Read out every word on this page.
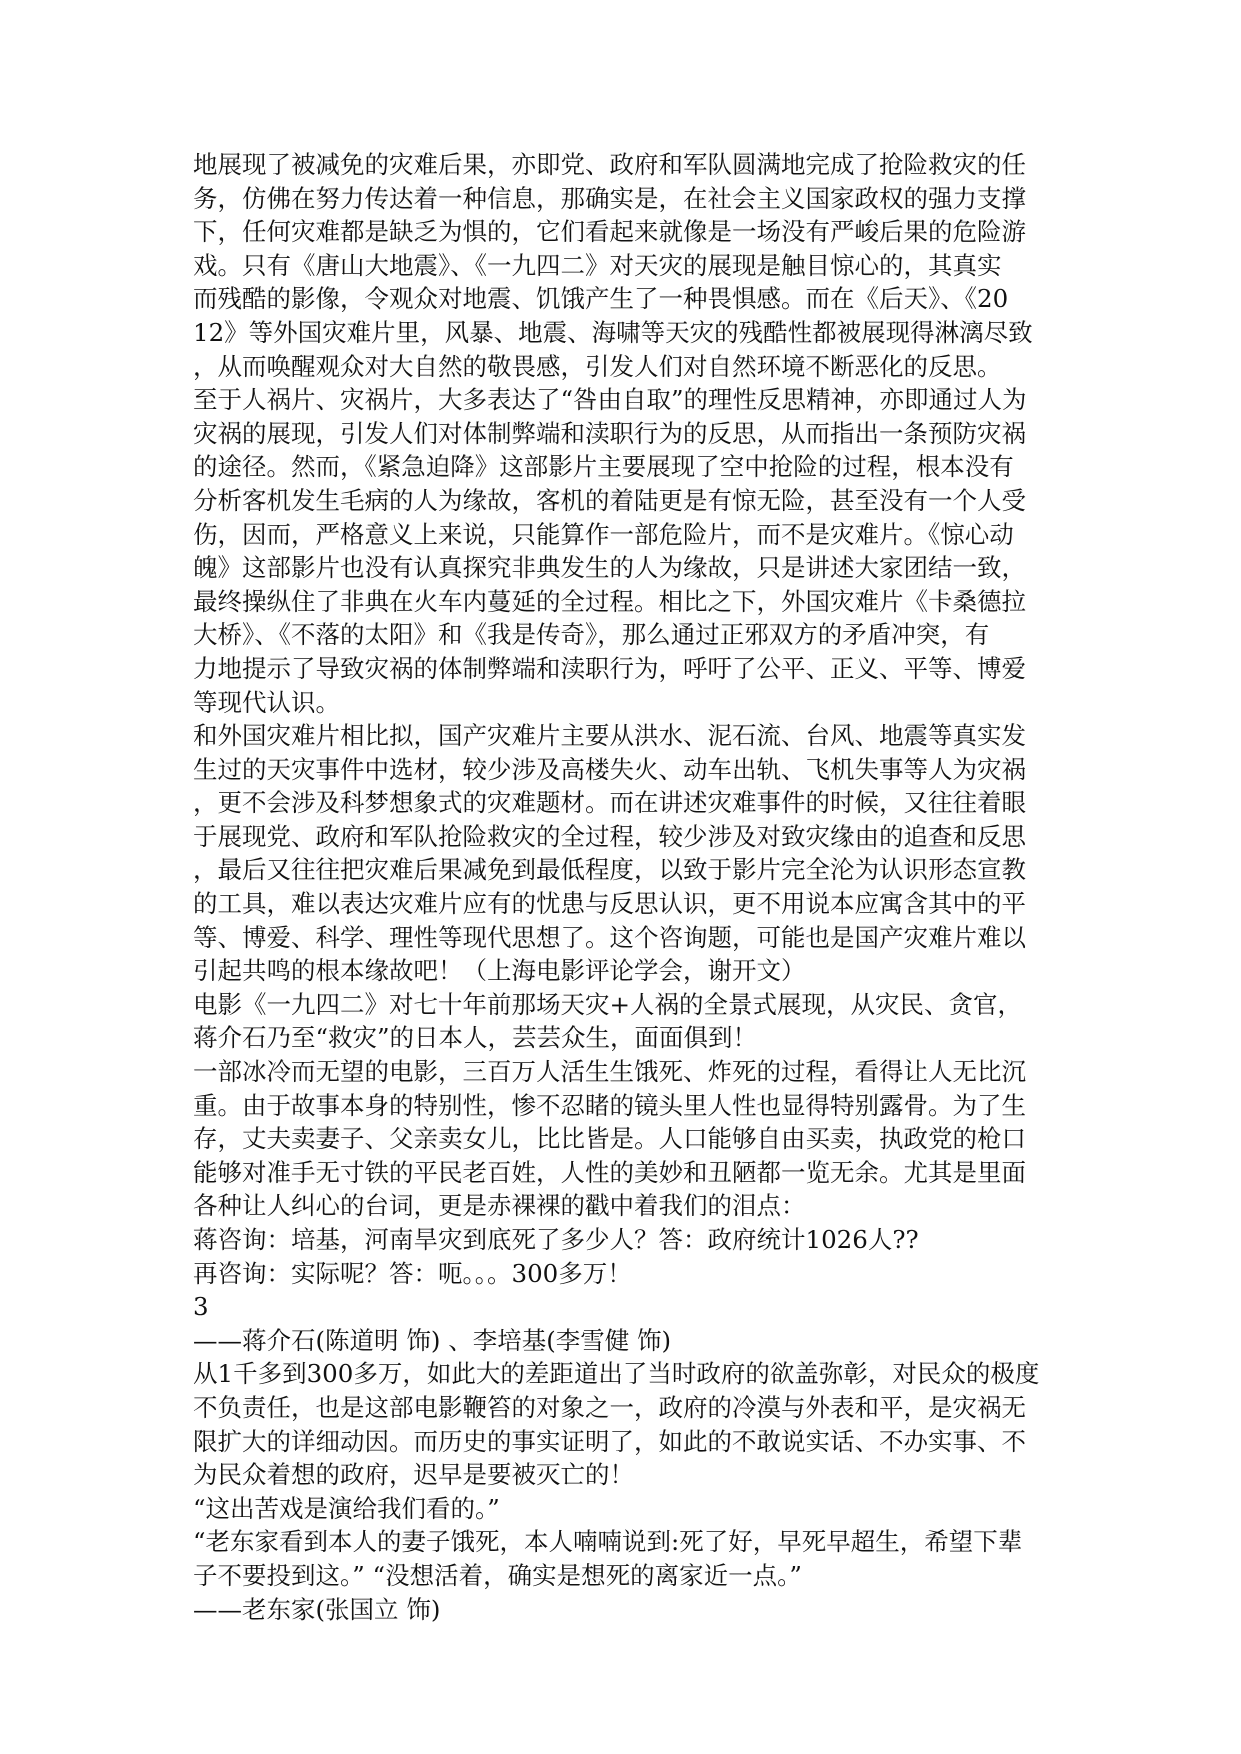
地展现了被减免的灾难后果，亦即党、政府和军队圆满地完成了抢险救灾的任
务，仿佛在努力传达着一种信息，那确实是，在社会主义国家政权的强力支撑
下，任何灾难都是缺乏为惧的，它们看起来就像是一场没有严峻后果的危险游
戏。只有《唐山大地震》、《一九四二》对天灾的展现是触目惊心的，其真实
而残酷的影像，令观众对地震、饥饿产生了一种畏惧感。而在《后天》、《20
12》等外国灾难片里，风暴、地震、海啸等天灾的残酷性都被展现得淋漓尽致
，从而唤醒观众对大自然的敬畏感，引发人们对自然环境不断恶化的反思。
至于人祸片、灾祸片，大多表达了“咎由自取”的理性反思精神，亦即通过人为
灾祸的展现，引发人们对体制弊端和渎职行为的反思，从而指出一条预防灾祸
的途径。然而，《紧急迫降》这部影片主要展现了空中抢险的过程，根本没有
分析客机发生毛病的人为缘故，客机的着陆更是有惊无险，甚至没有一个人受
伤，因而，严格意义上来说，只能算作一部危险片，而不是灾难片。《惊心动
魄》这部影片也没有认真探究非典发生的人为缘故，只是讲述大家团结一致，
最终操纵住了非典在火车内蔓延的全过程。相比之下，外国灾难片《卡桑德拉
大桥》、《不落的太阳》和《我是传奇》，那么通过正邪双方的矛盾冲突，有
力地提示了导致灾祸的体制弊端和渎职行为，呼吁了公平、正义、平等、博爱
等现代认识。
和外国灾难片相比拟，国产灾难片主要从洪水、泥石流、台风、地震等真实发
生过的天灾事件中选材，较少涉及高楼失火、动车出轨、飞机失事等人为灾祸
，更不会涉及科梦想象式的灾难题材。而在讲述灾难事件的时候，又往往着眼
于展现党、政府和军队抢险救灾的全过程，较少涉及对致灾缘由的追查和反思
，最后又往往把灾难后果减免到最低程度，以致于影片完全沦为认识形态宣教
的工具，难以表达灾难片应有的忧患与反思认识，更不用说本应寓含其中的平
等、博爱、科学、理性等现代思想了。这个咨询题，可能也是国产灾难片难以
引起共鸣的根本缘故吧！（上海电影评论学会，谢开文）
电影《一九四二》对七十年前那场天灾+人祸的全景式展现，从灾民、贪官，
蒋介石乃至“救灾”的日本人，芸芸众生，面面俱到！
一部冰冷而无望的电影，三百万人活生生饿死、炸死的过程，看得让人无比沉
重。由于故事本身的特别性，惨不忍睹的镜头里人性也显得特别露骨。为了生
存，丈夫卖妻子、父亲卖女儿，比比皆是。人口能够自由买卖，执政党的枪口
能够对准手无寸铁的平民老百姓，人性的美妙和丑陋都一览无余。尤其是里面
各种让人纠心的台词，更是赤裸裸的戳中着我们的泪点：
蒋咨询：培基，河南旱灾到底死了多少人？答：政府统计1026人??
再咨询：实际呢？答：呃。。。300多万！
3
——蒋介石(陈道明 饰) 、李培基(李雪健 饰)
从1千多到300多万，如此大的差距道出了当时政府的欲盖弥彰，对民众的极度
不负责任，也是这部电影鞭笞的对象之一，政府的冷漠与外表和平，是灾祸无
限扩大的详细动因。而历史的事实证明了，如此的不敢说实话、不办实事、不
为民众着想的政府，迟早是要被灭亡的！
“这出苦戏是演给我们看的。”
“老东家看到本人的妻子饿死，本人喃喃说到:死了好，早死早超生，希望下辈
子不要投到这。” “没想活着，确实是想死的离家近一点。”
——老东家(张国立 饰)
